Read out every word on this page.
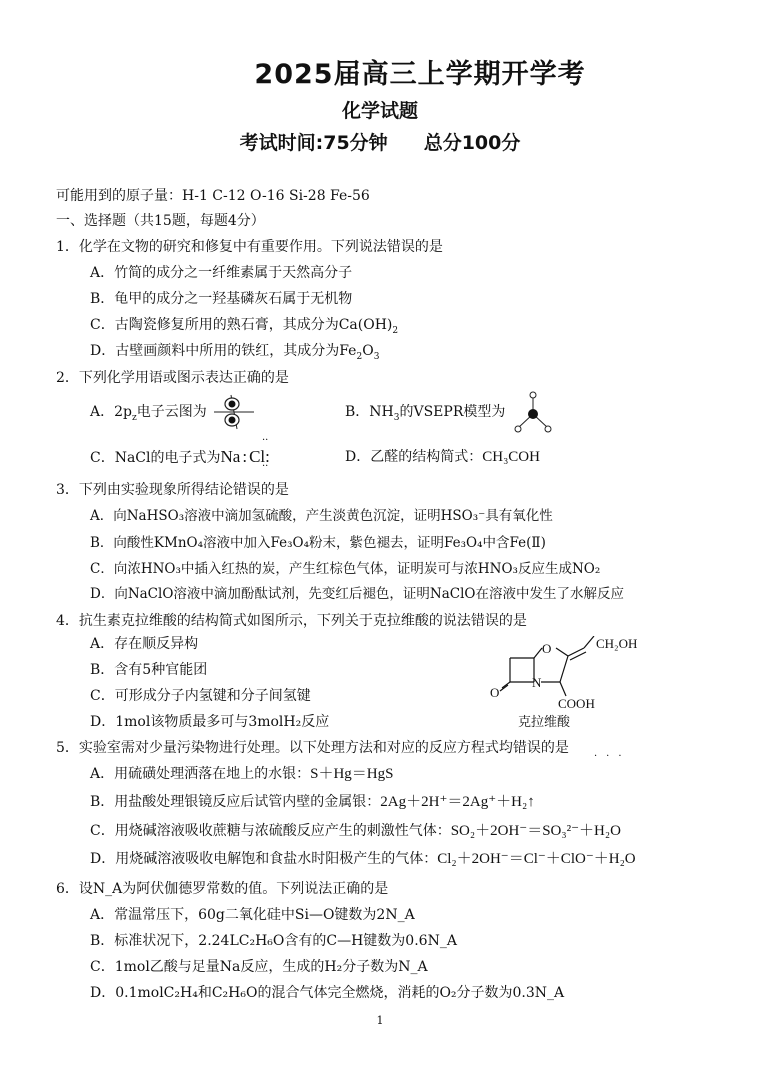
2025届高三上学期开学考
化学试题
考试时间:75分钟 总分100分
可能用到的原子量：H-1 C-12 O-16 Si-28 Fe-56
一、选择题（共15题，每题4分）
1．化学在文物的研究和修复中有重要作用。下列说法错误的是
A．竹简的成分之一纤维素属于天然高分子
B．龟甲的成分之一羟基磷灰石属于无机物
C．古陶瓷修复所用的熟石膏，其成分为$Ca(OH)_2$
D．古壁画颜料中所用的铁红，其成分为$Fe_2O_3$
2．下列化学用语或图示表达正确的是
A．$2p_z$电子云图为	B．$NH_3$的VSEPR模型为
C．NaCl的电子式为Na : Cl:
··
··
D．乙醛的结构简式：CH₃COH
3．下列由实验现象所得结论错误的是
A．向NaHSO₃溶液中滴加氢硫酸，产生淡黄色沉淀，证明HSO₃⁻具有氧化性
B．向酸性KMnO₄溶液中加入Fe₃O₄粉末，紫色褪去，证明Fe₃O₄中含Fe(Ⅱ)
C．向浓HNO₃中插入红热的炭，产生红棕色气体，证明炭可与浓HNO₃反应生成NO₂
D．向NaClO溶液中滴加酚酞试剂，先变红后褪色，证明NaClO在溶液中发生了水解反应
4．抗生素克拉维酸的结构简式如图所示，下列关于克拉维酸的说法错误的是
A．存在顺反异构
B．含有5种官能团
C．可形成分子内氢键和分子间氢键
D．1mol该物质最多可与3molH₂反应
CH₂OH
O
N
O
COOH
克拉维酸
5．实验室需对少量污染物进行处理。以下处理方法和对应的反应方程式均错误的是
···
A．用硫磺处理洒落在地上的水银：S＋Hg＝HgS
B．用盐酸处理银镜反应后试管内壁的金属银：2Ag＋2H⁺＝2Ag⁺＋H₂↑
C．用烧碱溶液吸收蔗糖与浓硫酸反应产生的刺激性气体：SO₂＋2OH⁻＝SO₃²⁻＋H₂O
D．用烧碱溶液吸收电解饱和食盐水时阳极产生的气体：Cl₂＋2OH⁻＝Cl⁻＋ClO⁻＋H₂O
6．设N_A为阿伏伽德罗常数的值。下列说法正确的是
A．常温常压下，60g二氧化硅中Si—O键数为2N_A
B．标准状况下，2.24LC₂H₆O含有的C—H键数为0.6N_A
C．1mol乙酸与足量Na反应，生成的H₂分子数为N_A
D．0.1molC₂H₄和C₂H₆O的混合气体完全燃烧，消耗的O₂分子数为0.3N_A
1
